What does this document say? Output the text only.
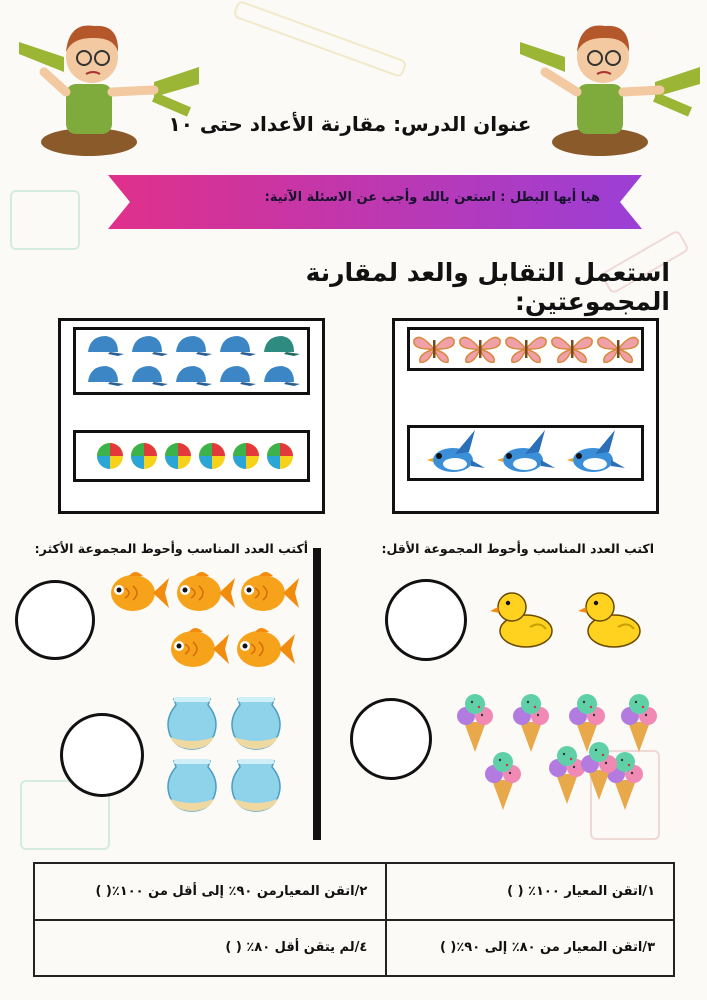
عنوان الدرس: مقارنة الأعداد حتى ١٠
هيا أيها البطل : استعن بالله وأجب عن الاسئلة الآتية:
استعمل التقابل والعد لمقارنة المجموعتين:
أكتب العدد المناسب وأحوط المجموعة الأكثر:	اكتب العدد المناسب وأحوط المجموعة الأقل:
١/اتقن المعيار ١٠٠٪ ( )	٢/اتقن المعيارمن ٩٠٪ إلى أقل من ١٠٠٪( )
٣/اتقن المعيار من ٨٠٪ إلى ٩٠٪( )	٤/لم يتقن أقل ٨٠٪ ( )
